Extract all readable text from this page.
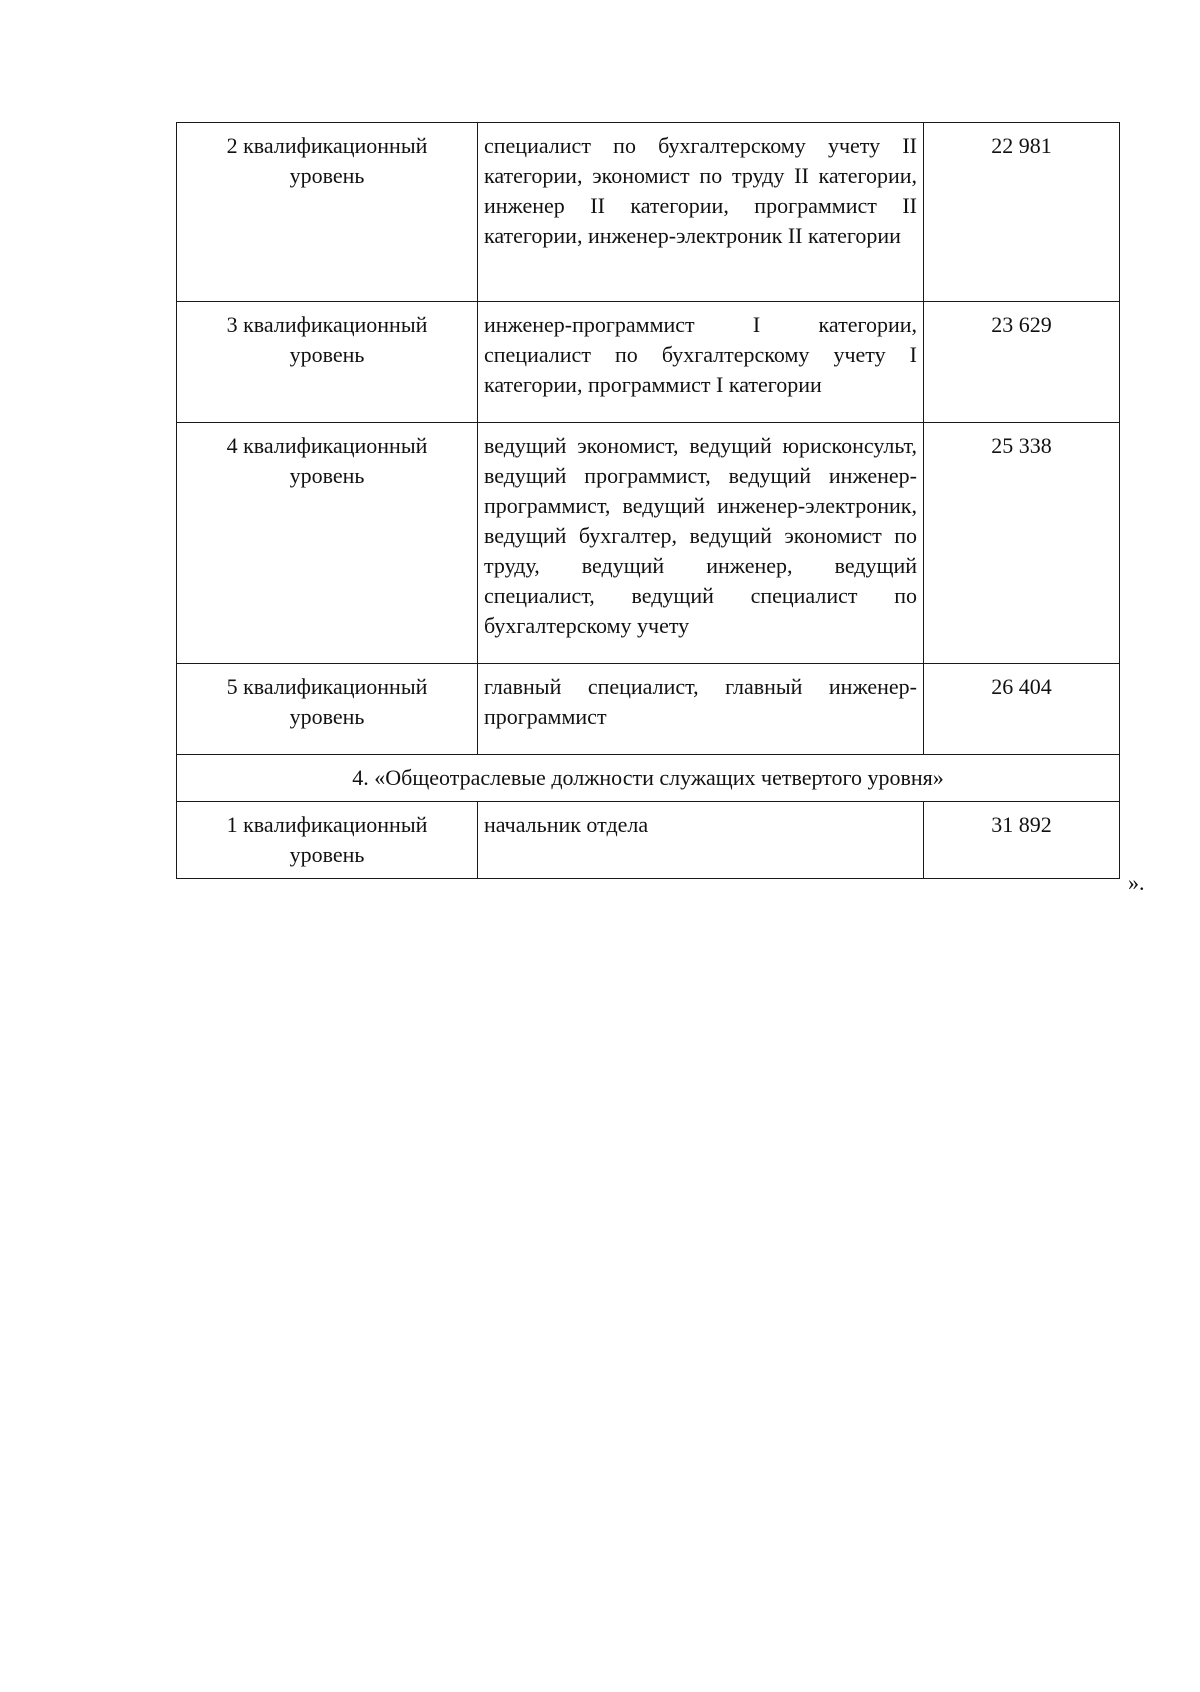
2 квалификационный
уровень	специалист по бухгалтерскому учету II категории, экономист по труду II категории, инженер II категории, программист II категории, инженер-электроник II категории	22 981

3 квалификационный
уровень	инженер-программист I категории, специалист по бухгалтерскому учету I категории, программист I категории	23 629

4 квалификационный
уровень	ведущий экономист, ведущий юрисконсульт, ведущий программист, ведущий инженер-программист, ведущий инженер-электроник, ведущий бухгалтер, ведущий экономист по труду, ведущий инженер, ведущий специалист, ведущий специалист по бухгалтерскому учету	25 338

5 квалификационный
уровень	главный специалист, главный инженер-программист	26 404
4. «Общеотраслевые должности служащих четвертого уровня»		

1 квалификационный
уровень	начальник отдела	31 892
».
